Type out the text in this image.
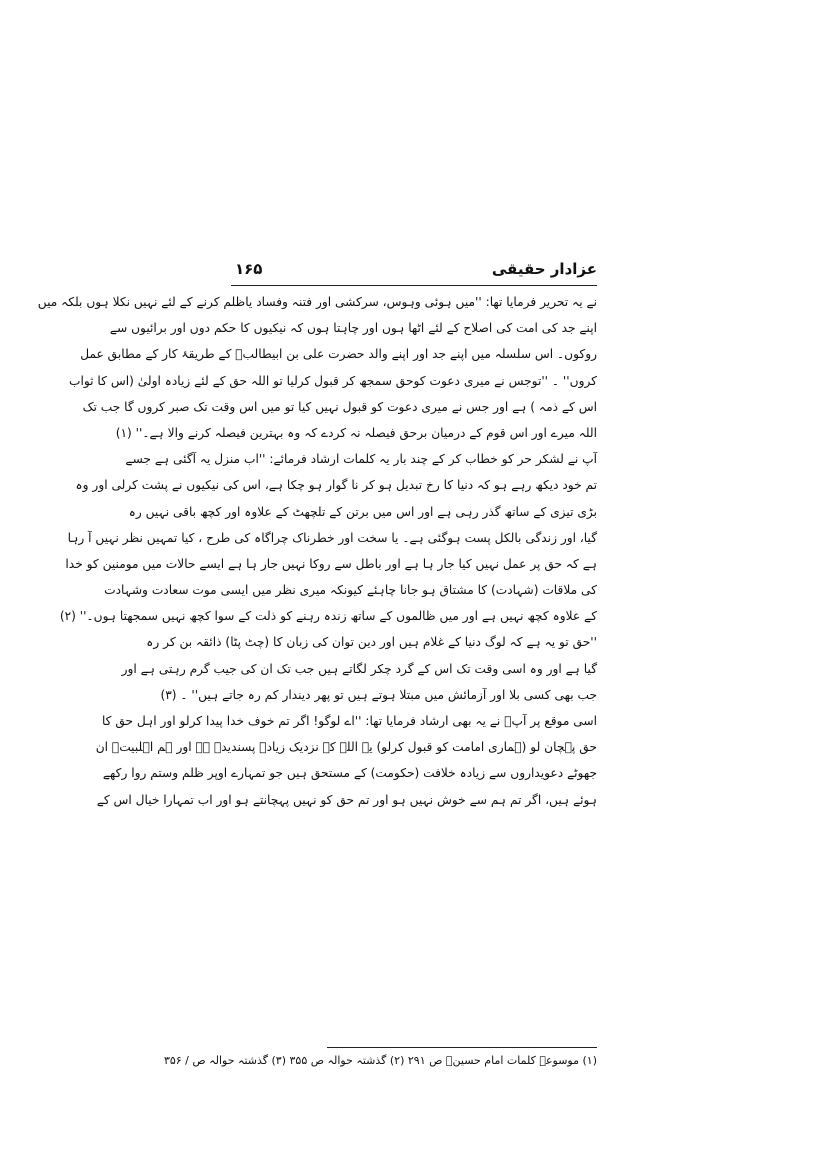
عزادار حقیقی
۱۶۵
نے یہ تحریر فرمایا تھا: ''میں ہوئی وہوس، سرکشی اور فتنہ وفساد یاظلم کرنے کے لئے نہیں نکلا ہوں بلکہ میں
اپنے جد کی امت کی اصلاح کے لئے اٹھا ہوں اور چاہتا ہوں کہ نیکیوں کا حکم دوں اور برائیوں سے
روکوں۔ اس سلسلہ میں اپنے جد اور اپنے والد حضرت علی بن ابیطالبؑ کے طریقۂ کار کے مطابق عمل
کروں'' ۔ ''توجس نے میری دعوت کوحق سمجھ کر قبول کرلیا تو اللہ حق کے لئے زیادہ اولیٰ (اس کا ثواب
اس کے ذمہ ) ہے اور جس نے میری دعوت کو قبول نہیں کیا تو میں اس وقت تک صبر کروں گا جب تک
اللہ میرے اور اس قوم کے درمیان برحق فیصلہ نہ کردے کہ وہ بہترین فیصلہ کرنے والا ہے۔'' (۱)
آپ نے لشکر حر کو خطاب کر کے چند بار یہ کلمات ارشاد فرمائے: ''اب منزل یہ آگئی ہے جسے
تم خود دیکھ رہے ہو کہ دنیا کا رخ تبدیل ہو کر نا گوار ہو چکا ہے، اس کی نیکیوں نے پشت کرلی اور وہ
بڑی تیزی کے ساتھ گذر رہی ہے اور اس میں برتن کے تلچھٹ کے علاوہ اور کچھ باقی نہیں رہ
گیا، اور زندگی بالکل پست ہوگئی ہے۔ یا سخت اور خطرناک چراگاہ کی طرح ، کیا تمہیں نظر نہیں آ رہا
ہے کہ حق پر عمل نہیں کیا جار ہا ہے اور باطل سے روکا نہیں جار ہا ہے ایسے حالات میں مومنین کو خدا
کی ملاقات (شہادت) کا مشتاق ہو جانا چاہئے کیونکہ میری نظر میں ایسی موت سعادت وشہادت
کے علاوہ کچھ نہیں ہے اور میں ظالموں کے ساتھ زندہ رہنے کو ذلت کے سوا کچھ نہیں سمجھتا ہوں۔'' (۲)
''حق تو یہ ہے کہ لوگ دنیا کے غلام ہیں اور دین توان کی زبان کا (چٹ پٹا) ذائقہ بن کر رہ
گیا ہے اور وہ اسی وقت تک اس کے گرد چکر لگاتے ہیں جب تک ان کی جیب گرم رہتی ہے اور
جب بھی کسی بلا اور آزمائش میں مبتلا ہوتے ہیں تو پھر دیندار کم رہ جاتے ہیں'' ۔ (۳)
اسی موقع پر آپؑ نے یہ بھی ارشاد فرمایا تھا: ''اے لوگو! اگر تم خوف خدا پیدا کرلو اور اہل حق کا
حق پہچان لو (ہماری امامت کو قبول کرلو) یہ اللہ کے نزدیک زیادہ پسندیدہ ہے اور ہم اہلبیتؑ ان
جھوٹے دعویداروں سے زیادہ خلافت (حکومت) کے مستحق ہیں جو تمہارے اوپر ظلم وستم روا رکھے
ہوئے ہیں، اگر تم ہم سے خوش نہیں ہو اور تم حق کو نہیں پہچانتے ہو اور اب تمہارا خیال اس کے
(۱) موسوعہ کلمات امام حسینؑ ص ۲۹۱ (۲) گذشتہ حوالہ ص ۳۵۵ (۳) گذشتہ حوالہ ص / ۳۵۶
